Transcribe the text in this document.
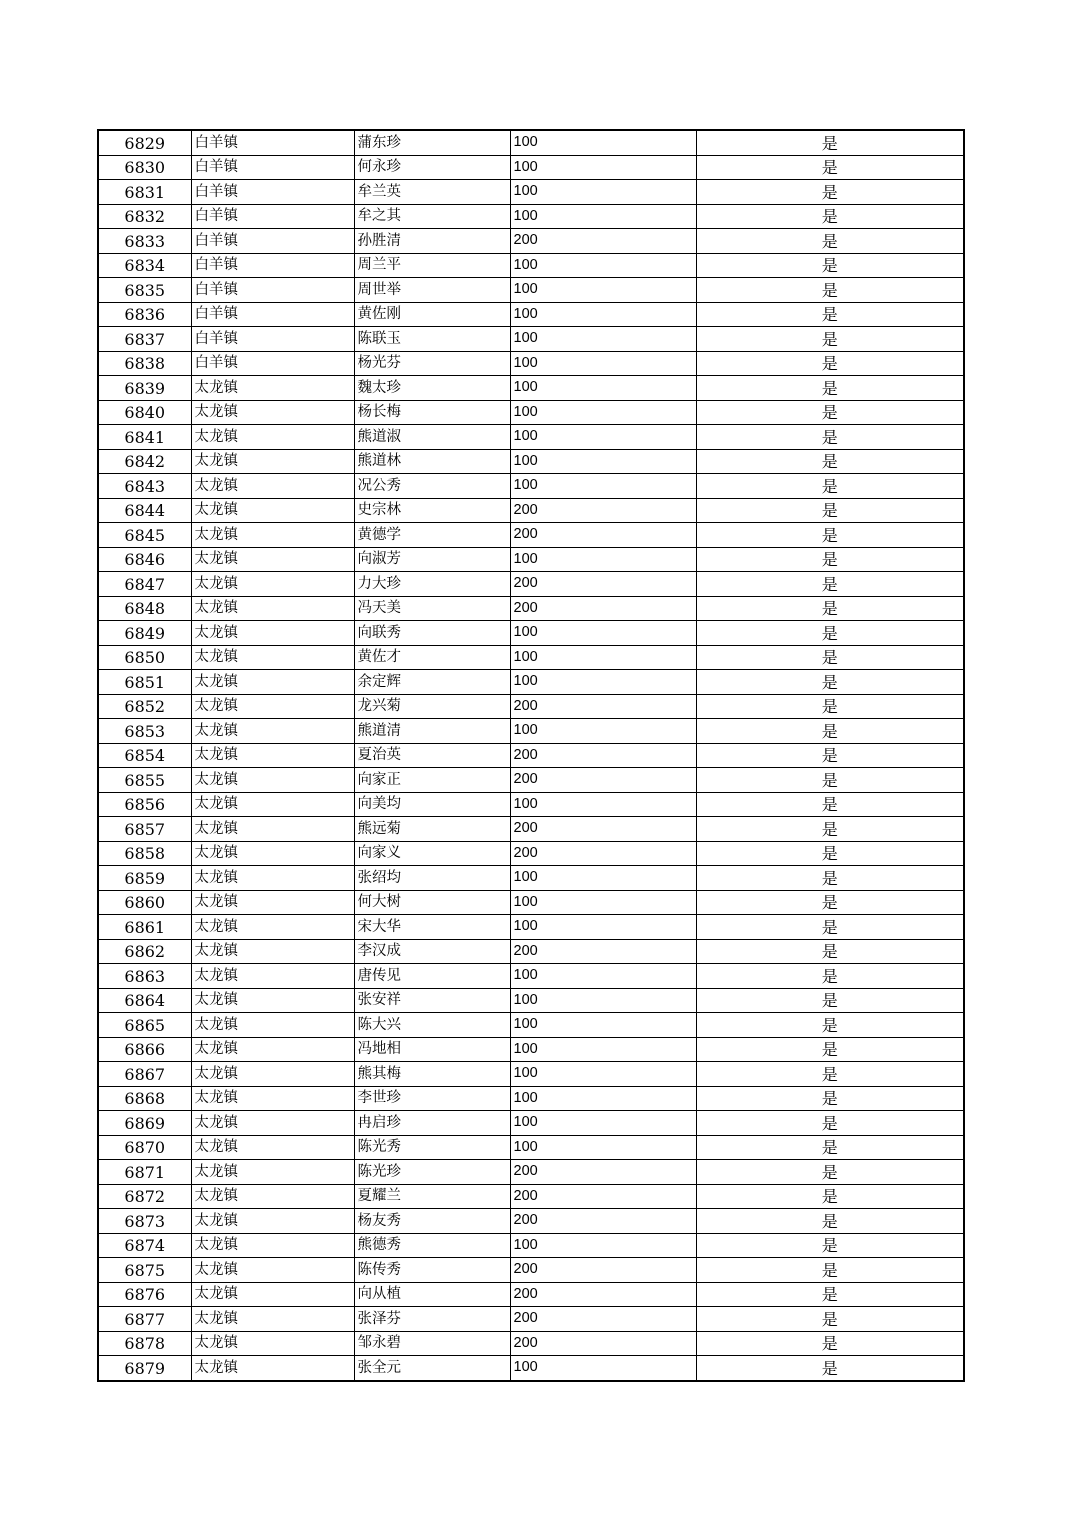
6829	白羊镇	蒲东珍	100	是
6830	白羊镇	何永珍	100	是
6831	白羊镇	牟兰英	100	是
6832	白羊镇	牟之其	100	是
6833	白羊镇	孙胜清	200	是
6834	白羊镇	周兰平	100	是
6835	白羊镇	周世举	100	是
6836	白羊镇	黄佐刚	100	是
6837	白羊镇	陈联玉	100	是
6838	白羊镇	杨光芬	100	是
6839	太龙镇	魏太珍	100	是
6840	太龙镇	杨长梅	100	是
6841	太龙镇	熊道淑	100	是
6842	太龙镇	熊道林	100	是
6843	太龙镇	况公秀	100	是
6844	太龙镇	史宗林	200	是
6845	太龙镇	黄德学	200	是
6846	太龙镇	向淑芳	100	是
6847	太龙镇	力大珍	200	是
6848	太龙镇	冯天美	200	是
6849	太龙镇	向联秀	100	是
6850	太龙镇	黄佐才	100	是
6851	太龙镇	余定辉	100	是
6852	太龙镇	龙兴菊	200	是
6853	太龙镇	熊道清	100	是
6854	太龙镇	夏治英	200	是
6855	太龙镇	向家正	200	是
6856	太龙镇	向美均	100	是
6857	太龙镇	熊远菊	200	是
6858	太龙镇	向家义	200	是
6859	太龙镇	张绍均	100	是
6860	太龙镇	何大树	100	是
6861	太龙镇	宋大华	100	是
6862	太龙镇	李汉成	200	是
6863	太龙镇	唐传见	100	是
6864	太龙镇	张安祥	100	是
6865	太龙镇	陈大兴	100	是
6866	太龙镇	冯地相	100	是
6867	太龙镇	熊其梅	100	是
6868	太龙镇	李世珍	100	是
6869	太龙镇	冉启珍	100	是
6870	太龙镇	陈光秀	100	是
6871	太龙镇	陈光珍	200	是
6872	太龙镇	夏耀兰	200	是
6873	太龙镇	杨友秀	200	是
6874	太龙镇	熊德秀	100	是
6875	太龙镇	陈传秀	200	是
6876	太龙镇	向从植	200	是
6877	太龙镇	张泽芬	200	是
6878	太龙镇	邹永碧	200	是
6879	太龙镇	张全元	100	是
